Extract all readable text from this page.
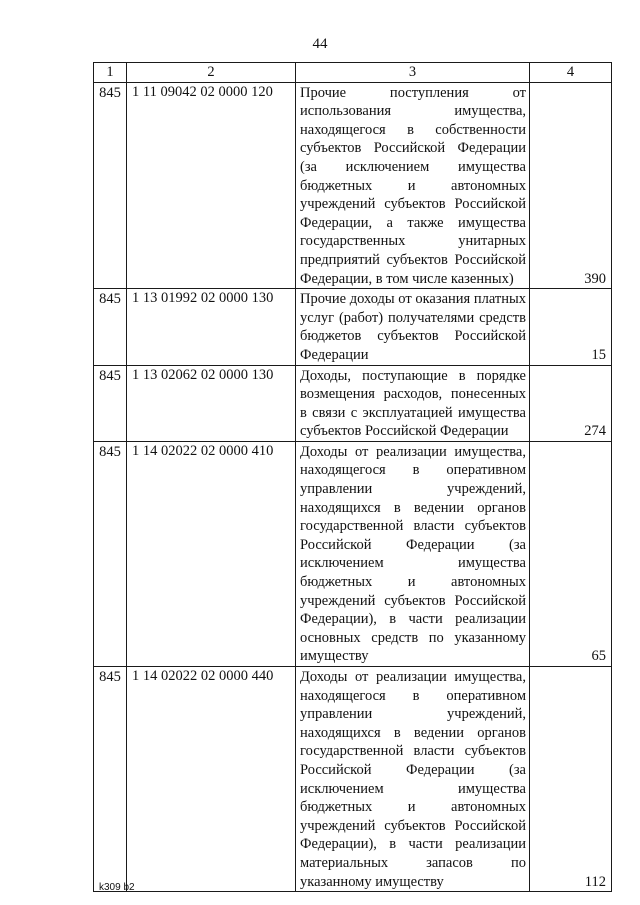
44
1	2	3	4
845	1 11 09042 02 0000 120	Прочие поступления от использования имущества, находящегося в собственности субъектов Российской Федерации (за исключением имущества бюджетных и автономных учреждений субъектов Российской Федерации, а также имущества государственных унитарных предприятий субъектов Российской Федерации, в том числе казенных)	390
845	1 13 01992 02 0000 130	Прочие доходы от оказания платных услуг (работ) получателями средств бюджетов субъектов Российской Федерации	15
845	1 13 02062 02 0000 130	Доходы, поступающие в порядке возмещения расходов, понесенных в связи с эксплуатацией имущества субъектов Российской Федерации	274
845	1 14 02022 02 0000 410	Доходы от реализации имущества, находящегося в оперативном управлении учреждений, находящихся в ведении органов государственной власти субъектов Российской Федерации (за исключением имущества бюджетных и автономных учреждений субъектов Российской Федерации), в части реализации основных средств по указанному имуществу	65
845	1 14 02022 02 0000 440	Доходы от реализации имущества, находящегося в оперативном управлении учреждений, находящихся в ведении органов государственной власти субъектов Российской Федерации (за исключением имущества бюджетных и автономных учреждений субъектов Российской Федерации), в части реализации материальных запасов по указанному имуществу	112
k309 b2
